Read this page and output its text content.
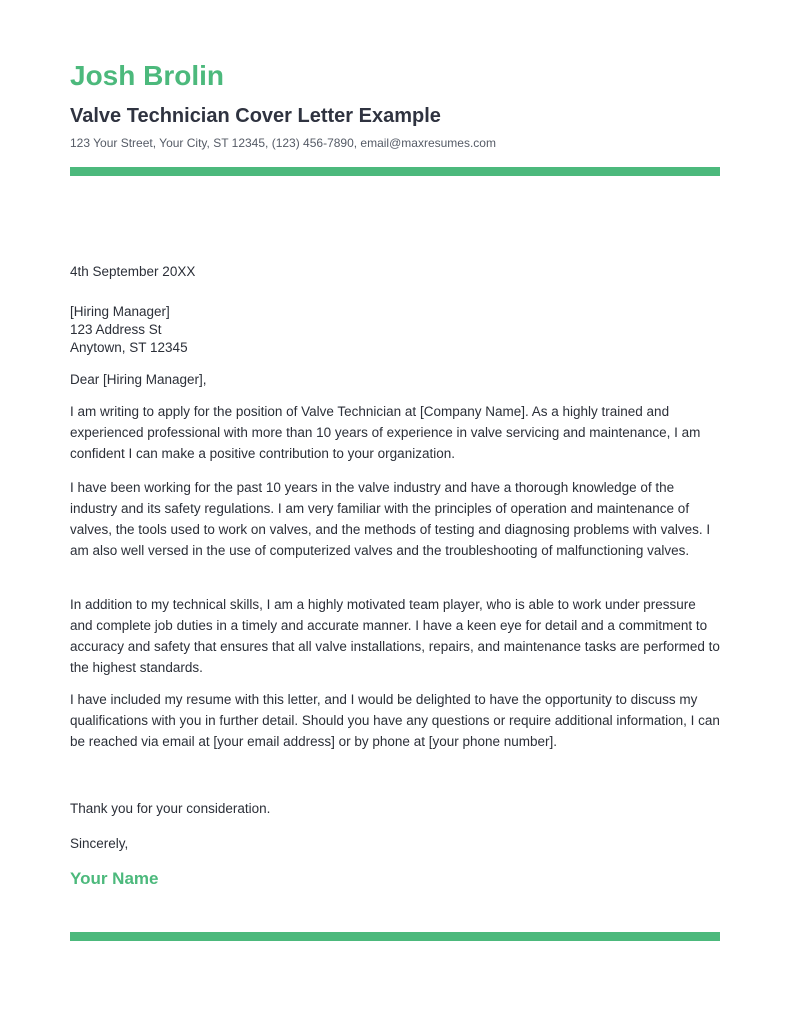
Josh Brolin
Valve Technician Cover Letter Example
123 Your Street, Your City, ST 12345, (123) 456-7890, email@maxresumes.com
4th September 20XX
[Hiring Manager]
123 Address St
Anytown, ST 12345
Dear [Hiring Manager],

I am writing to apply for the position of Valve Technician at [Company Name]. As a highly trained and experienced professional with more than 10 years of experience in valve servicing and maintenance, I am confident I can make a positive contribution to your organization.

I have been working for the past 10 years in the valve industry and have a thorough knowledge of the industry and its safety regulations. I am very familiar with the principles of operation and maintenance of valves, the tools used to work on valves, and the methods of testing and diagnosing problems with valves. I am also well versed in the use of computerized valves and the troubleshooting of malfunctioning valves.

In addition to my technical skills, I am a highly motivated team player, who is able to work under pressure and complete job duties in a timely and accurate manner. I have a keen eye for detail and a commitment to accuracy and safety that ensures that all valve installations, repairs, and maintenance tasks are performed to the highest standards.

I have included my resume with this letter, and I would be delighted to have the opportunity to discuss my qualifications with you in further detail. Should you have any questions or require additional information, I can be reached via email at [your email address] or by phone at [your phone number].

Thank you for your consideration.
Sincerely,
Your Name
